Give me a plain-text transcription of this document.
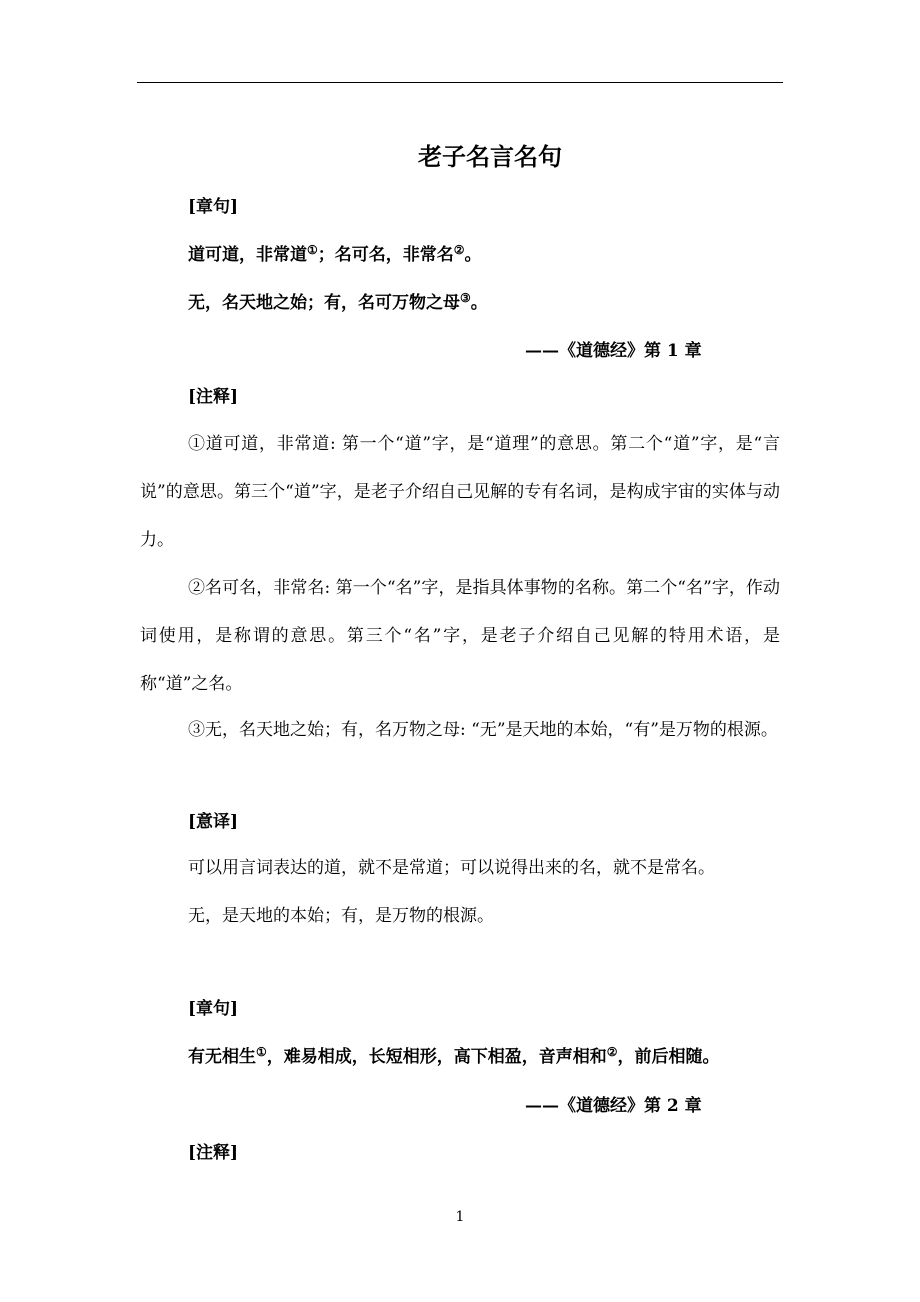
老子名言名句
[章句]
道可道，非常道①；名可名，非常名②。
无，名天地之始；有，名可万物之母③。
——《道德经》第 1 章
[注释]

①道可道，非常道: 第一个“道”字，是“道理”的意思。第二个“道”字，是“言说”的意思。第三个“道”字，是老子介绍自己见解的专有名词，是构成宇宙的实体与动力。

②名可名，非常名: 第一个“名”字，是指具体事物的名称。第二个“名”字，作动词使用，是称谓的意思。第三个“名”字，是老子介绍自己见解的特用术语，是称“道”之名。

③无，名天地之始；有，名万物之母: “无”是天地的本始，“有”是万物的根源。

[意译]
可以用言词表达的道，就不是常道；可以说得出来的名，就不是常名。
无，是天地的本始；有，是万物的根源。
[章句]
有无相生①，难易相成，长短相形，高下相盈，音声相和②，前后相随。
——《道德经》第 2 章
[注释]
1
